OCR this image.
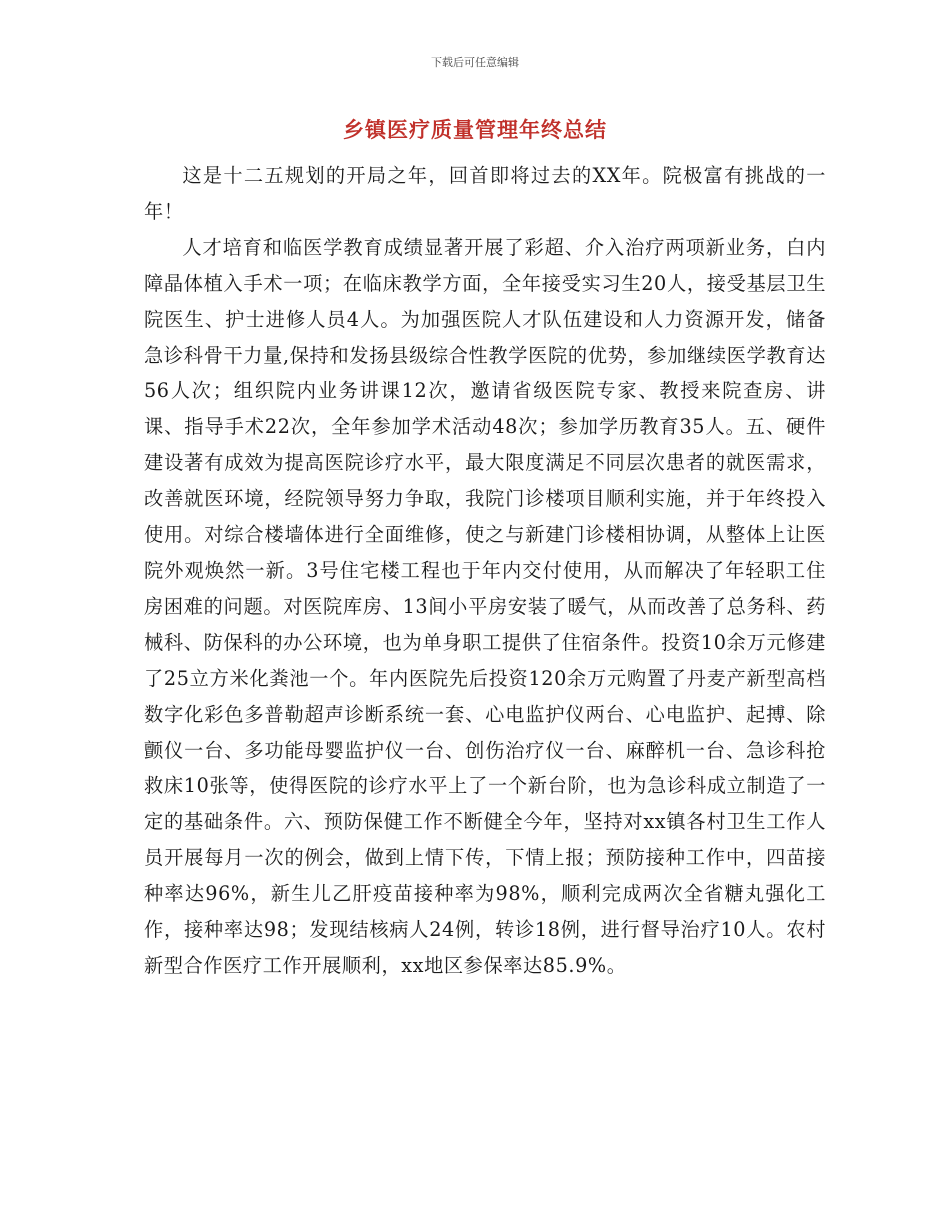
下载后可任意编辑
乡镇医疗质量管理年终总结

这是十二五规划的开局之年，回首即将过去的XX年。院极富有挑战的一年！

人才培育和临医学教育成绩显著开展了彩超、介入治疗两项新业务，白内障晶体植入手术一项；在临床教学方面，全年接受实习生20人，接受基层卫生院医生、护士进修人员4人。为加强医院人才队伍建设和人力资源开发，储备急诊科骨干力量,保持和发扬县级综合性教学医院的优势，参加继续医学教育达56人次；组织院内业务讲课12次，邀请省级医院专家、教授来院查房、讲课、指导手术22次，全年参加学术活动48次；参加学历教育35人。五、硬件建设著有成效为提高医院诊疗水平，最大限度满足不同层次患者的就医需求，改善就医环境，经院领导努力争取，我院门诊楼项目顺利实施，并于年终投入使用。对综合楼墙体进行全面维修，使之与新建门诊楼相协调，从整体上让医院外观焕然一新。3号住宅楼工程也于年内交付使用，从而解决了年轻职工住房困难的问题。对医院库房、13间小平房安装了暖气，从而改善了总务科、药械科、防保科的办公环境，也为单身职工提供了住宿条件。投资10余万元修建了25立方米化粪池一个。年内医院先后投资120余万元购置了丹麦产新型高档数字化彩色多普勒超声诊断系统一套、心电监护仪两台、心电监护、起搏、除颤仪一台、多功能母婴监护仪一台、创伤治疗仪一台、麻醉机一台、急诊科抢救床10张等，使得医院的诊疗水平上了一个新台阶，也为急诊科成立制造了一定的基础条件。六、预防保健工作不断健全今年，坚持对xx镇各村卫生工作人员开展每月一次的例会，做到上情下传，下情上报；预防接种工作中，四苗接种率达96%，新生儿乙肝疫苗接种率为98%，顺利完成两次全省糖丸强化工作，接种率达98；发现结核病人24例，转诊18例，进行督导治疗10人。农村新型合作医疗工作开展顺利，xx地区参保率达85.9%。
